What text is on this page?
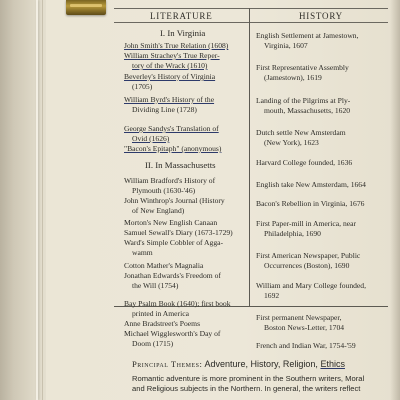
LITERATURE	HISTORY
I. In Virginia
John Smith's True Relation (1608)
William Strachey's True Reper-
tory of the Wrack (1610)
Beverley's History of Virginia
(1705)
William Byrd's History of the
Dividing Line (1728)
George Sandys's Translation of
Ovid (1626)
"Bacon's Epitaph" (anonymous)
II. In Massachusetts
William Bradford's History of
Plymouth (1630-'46)
John Winthrop's Journal (History
of New England)
Morton's New English Canaan
Samuel Sewall's Diary (1673-1729)
Ward's Simple Cobbler of Agga-
wamm
Cotton Mather's Magnalia
Jonathan Edwards's Freedom of
the Will (1754)
Bay Psalm Book (1640); first book
printed in America
Anne Bradstreet's Poems
Michael Wigglesworth's Day of
Doom (1715)
English Settlement at Jamestown,
Virginia, 1607
First Representative Assembly
(Jamestown), 1619
Landing of the Pilgrims at Ply-
mouth, Massachusetts, 1620
Dutch settle New Amsterdam
(New York), 1623
Harvard College founded, 1636
English take New Amsterdam, 1664
Bacon's Rebellion in Virginia, 1676
First Paper-mill in America, near
Philadelphia, 1690
First American Newspaper, Public
Occurrences (Boston), 1690
William and Mary College founded,
1692
First permanent Newspaper,
Boston News-Letter, 1704
French and Indian War, 1754-'59
Principal Themes: Adventure, History, Religion, Ethics
Romantic adventure is more prominent in the Southern writers, Moral
and Religious subjects in the Northern. In general, the writers reflect
